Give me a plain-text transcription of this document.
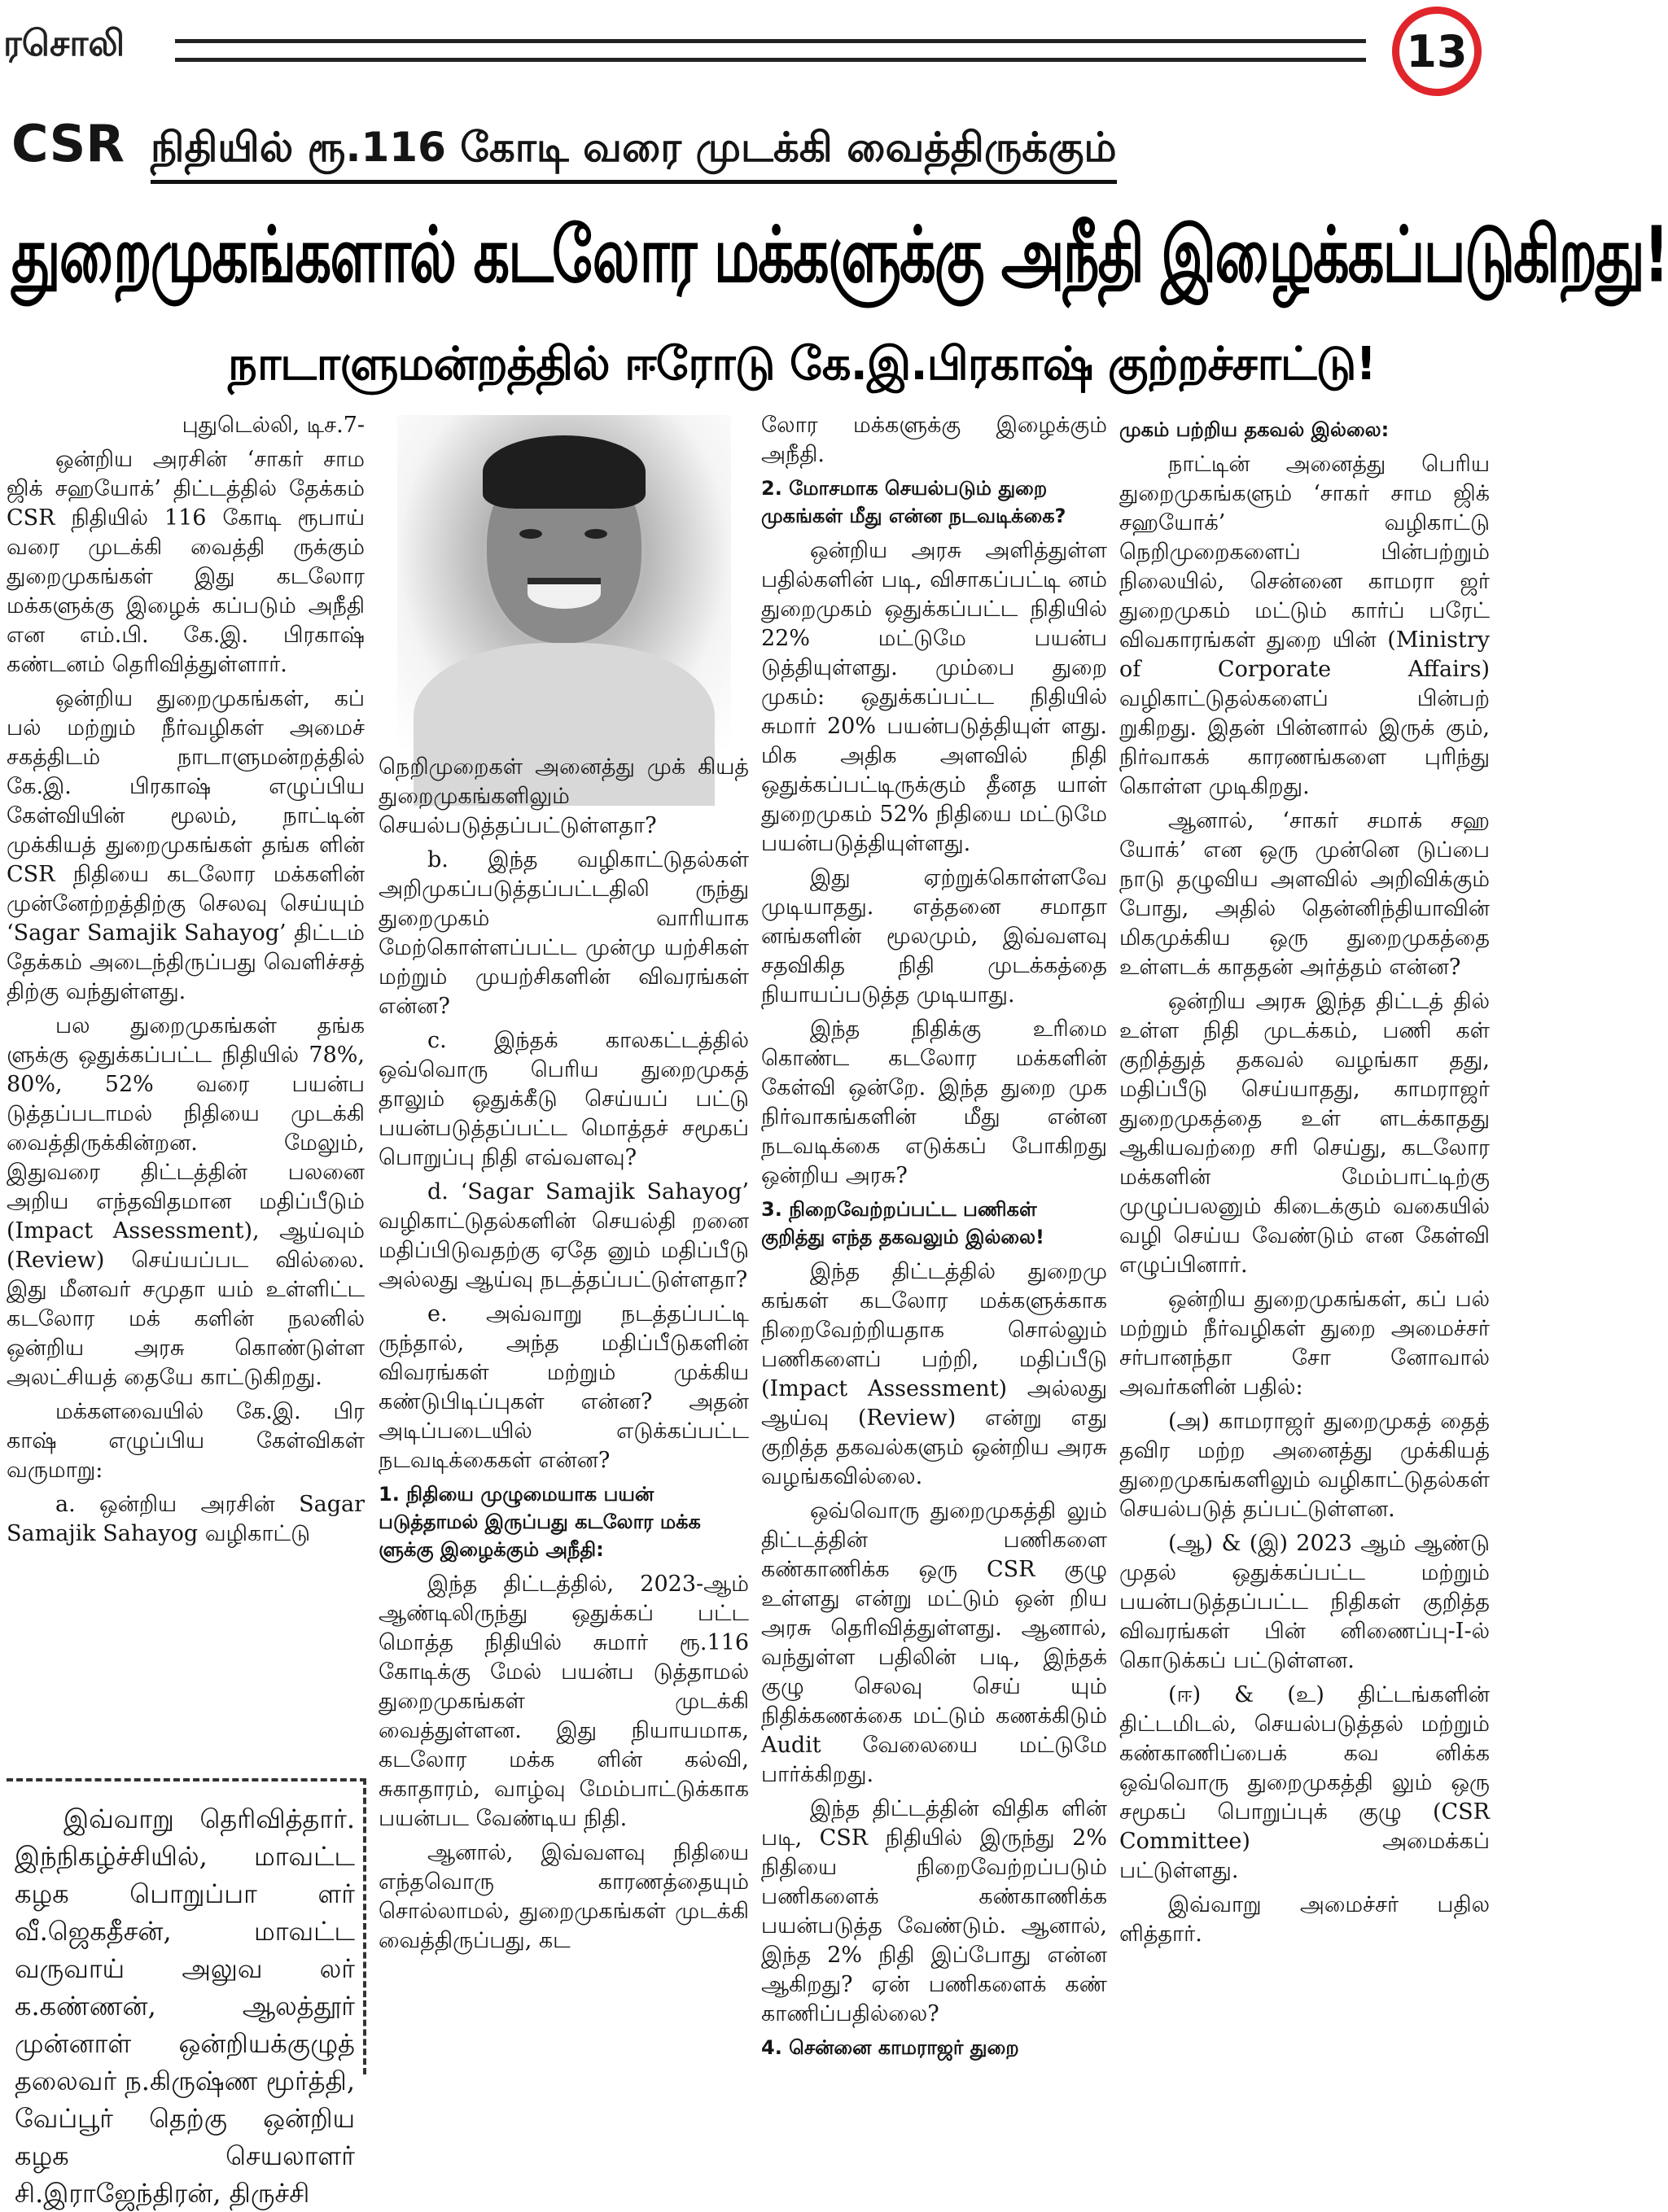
ரசொலி	13
CSR நிதியில் ரூ.116 கோடி வரை முடக்கி வைத்திருக்கும்
துறைமுகங்களால் கடலோர மக்களுக்கு அநீதி இழைக்கப்படுகிறது!
நாடாளுமன்றத்தில் ஈரோடு கே.இ.பிரகாஷ் குற்றச்சாட்டு!

புதுடெல்லி, டிச.7-

ஒன்றிய அரசின் ‘சாகர் சாம ஜிக் சஹயோக்’ திட்டத்தில் தேக்கம் CSR நிதியில் 116 கோடி ரூபாய் வரை முடக்கி வைத்தி ருக்கும் துறைமுகங்கள் இது கடலோர மக்களுக்கு இழைக் கப்படும் அநீதி என எம்.பி. கே.இ. பிரகாஷ் கண்டனம் தெரிவித்துள்ளார்.

ஒன்றிய துறைமுகங்கள், கப் பல் மற்றும் நீர்வழிகள் அமைச் சகத்திடம் நாடாளுமன்றத்தில் கே.இ. பிரகாஷ் எழுப்பிய கேள்வியின் மூலம், நாட்டின் முக்கியத் துறைமுகங்கள் தங்க ளின் CSR நிதியை கடலோர மக்களின் முன்னேற்றத்திற்கு செலவு செய்யும் ‘Sagar Samajik Sahayog’ திட்டம் தேக்கம் அடைந்திருப்பது வெளிச்சத் திற்கு வந்துள்ளது.

பல துறைமுகங்கள் தங்க ளுக்கு ஒதுக்கப்பட்ட நிதியில் 78%, 80%, 52% வரை பயன்ப டுத்தப்படாமல் நிதியை முடக்கி வைத்திருக்கின்றன. மேலும், இதுவரை திட்டத்தின் பலனை அறிய எந்தவிதமான மதிப்பீடும் (Impact Assessment), ஆய்வும் (Review) செய்யப்பட வில்லை. இது மீனவர் சமுதா யம் உள்ளிட்ட கடலோர மக் களின் நலனில் ஒன்றிய அரசு கொண்டுள்ள அலட்சியத் தையே காட்டுகிறது.

மக்களவையில் கே.இ. பிர காஷ் எழுப்பிய கேள்விகள் வருமாறு:

a. ஒன்றிய அரசின் Sagar Samajik Sahayog வழிகாட்டு

இவ்வாறு தெரிவித்தார். இந்நிகழ்ச்சியில், மாவட்ட கழக பொறுப்பா ளர் வீ.ஜெகதீசன், மாவட்ட வருவாய் அலுவ லர் க.கண்ணன், ஆலத்தூர் முன்னாள் ஒன்றியக்குழுத் தலைவர் ந.கிருஷ்ண மூர்த்தி, வேப்பூர் தெற்கு ஒன்றிய கழக செயலாளர் சி.இராஜேந்திரன், திருச்சி

நெறிமுறைகள் அனைத்து முக் கியத் துறைமுகங்களிலும் செயல்படுத்தப்பட்டுள்ளதா?

b. இந்த வழிகாட்டுதல்கள் அறிமுகப்படுத்தப்பட்டதிலி ருந்து துறைமுகம் வாரியாக மேற்கொள்ளப்பட்ட முன்மு யற்சிகள் மற்றும் முயற்சிகளின் விவரங்கள் என்ன?

c. இந்தக் காலகட்டத்தில் ஒவ்வொரு பெரிய துறைமுகத் தாலும் ஒதுக்கீடு செய்யப் பட்டு பயன்படுத்தப்பட்ட மொத்தச் சமூகப் பொறுப்பு நிதி எவ்வளவு?

d. ‘Sagar Samajik Sahayog’ வழிகாட்டுதல்களின் செயல்தி றனை மதிப்பிடுவதற்கு ஏதே னும் மதிப்பீடு அல்லது ஆய்வு நடத்தப்பட்டுள்ளதா?

e. அவ்வாறு நடத்தப்பட்டி ருந்தால், அந்த மதிப்பீடுகளின் விவரங்கள் மற்றும் முக்கிய கண்டுபிடிப்புகள் என்ன? அதன் அடிப்படையில் எடுக்கப்பட்ட நடவடிக்கைகள் என்ன?

1. நிதியை முழுமையாக பயன் படுத்தாமல் இருப்பது கடலோர மக்க ளுக்கு இழைக்கும் அநீதி:

இந்த திட்டத்தில், 2023-ஆம் ஆண்டிலிருந்து ஒதுக்கப் பட்ட மொத்த நிதியில் சுமார் ரூ.116 கோடிக்கு மேல் பயன்ப டுத்தாமல் துறைமுகங்கள் முடக்கி வைத்துள்ளன. இது நியாயமாக, கடலோர மக்க ளின் கல்வி, சுகாதாரம், வாழ்வு மேம்பாட்டுக்காக பயன்பட வேண்டிய நிதி.

ஆனால், இவ்வளவு நிதியை எந்தவொரு காரணத்தையும் சொல்லாமல், துறைமுகங்கள் முடக்கி வைத்திருப்பது, கட

லோர மக்களுக்கு இழைக்கும் அநீதி.

2. மோசமாக செயல்படும் துறை முகங்கள் மீது என்ன நடவடிக்கை?

ஒன்றிய அரசு அளித்துள்ள பதில்களின் படி, விசாகப்பட்டி னம் துறைமுகம் ஒதுக்கப்பட்ட நிதியில் 22% மட்டுமே பயன்ப டுத்தியுள்ளது. மும்பை துறை முகம்: ஒதுக்கப்பட்ட நிதியில் சுமார் 20% பயன்படுத்தியுள் ளது. மிக அதிக அளவில் நிதி ஒதுக்கப்பட்டிருக்கும் தீனத யாள் துறைமுகம் 52% நிதியை மட்டுமே பயன்படுத்தியுள்ளது.

இது ஏற்றுக்கொள்ளவே முடியாதது. எத்தனை சமாதா னங்களின் மூலமும், இவ்வளவு சதவிகித நிதி முடக்கத்தை நியாயப்படுத்த முடியாது.

இந்த நிதிக்கு உரிமை கொண்ட கடலோர மக்களின் கேள்வி ஒன்றே. இந்த துறை முக நிர்வாகங்களின் மீது என்ன நடவடிக்கை எடுக்கப் போகிறது ஒன்றிய அரசு?

3. நிறைவேற்றப்பட்ட பணிகள் குறித்து எந்த தகவலும் இல்லை!

இந்த திட்டத்தில் துறைமு கங்கள் கடலோர மக்களுக்காக நிறைவேற்றியதாக சொல்லும் பணிகளைப் பற்றி, மதிப்பீடு (Impact Assessment) அல்லது ஆய்வு (Review) என்று எது குறித்த தகவல்களும் ஒன்றிய அரசு வழங்கவில்லை.

ஒவ்வொரு துறைமுகத்தி லும் திட்டத்தின் பணிகளை கண்காணிக்க ஒரு CSR குழு உள்ளது என்று மட்டும் ஒன் றிய அரசு தெரிவித்துள்ளது. ஆனால், வந்துள்ள பதிலின் படி, இந்தக் குழு செலவு செய் யும் நிதிக்கணக்கை மட்டும் கணக்கிடும் Audit வேலையை மட்டுமே பார்க்கிறது.

இந்த திட்டத்தின் விதிக ளின் படி, CSR நிதியில் இருந்து 2% நிதியை நிறைவேற்றப்படும் பணிகளைக் கண்காணிக்க பயன்படுத்த வேண்டும். ஆனால், இந்த 2% நிதி இப்போது என்ன ஆகிறது? ஏன் பணிகளைக் கண் காணிப்பதில்லை?

4. சென்னை காமராஜர் துறை
முகம் பற்றிய தகவல் இல்லை:

நாட்டின் அனைத்து பெரிய துறைமுகங்களும் ‘சாகர் சாம ஜிக் சஹயோக்’ வழிகாட்டு நெறிமுறைகளைப் பின்பற்றும் நிலையில், சென்னை காமரா ஜர் துறைமுகம் மட்டும் கார்ப் பரேட் விவகாரங்கள் துறை யின் (Ministry of Corporate Affairs) வழிகாட்டுதல்களைப் பின்பற் றுகிறது. இதன் பின்னால் இருக் கும், நிர்வாகக் காரணங்களை புரிந்து கொள்ள முடிகிறது.

ஆனால், ‘சாகர் சமாக் சஹ யோக்’ என ஒரு முன்னெ டுப்பை நாடு தழுவிய அளவில் அறிவிக்கும் போது, அதில் தென்னிந்தியாவின் மிகமுக்கிய ஒரு துறைமுகத்தை உள்ளடக் காததன் அர்த்தம் என்ன?

ஒன்றிய அரசு இந்த திட்டத் தில் உள்ள நிதி முடக்கம், பணி கள் குறித்துத் தகவல் வழங்கா தது, மதிப்பீடு செய்யாதது, காமராஜர் துறைமுகத்தை உள் ளடக்காதது ஆகியவற்றை சரி செய்து, கடலோர மக்களின் மேம்பாட்டிற்கு முழுப்பலனும் கிடைக்கும் வகையில் வழி செய்ய வேண்டும் என கேள்வி எழுப்பினார்.

ஒன்றிய துறைமுகங்கள், கப் பல் மற்றும் நீர்வழிகள் துறை அமைச்சர் சர்பானந்தா சோ னோவால் அவர்களின் பதில்:

(அ) காமராஜர் துறைமுகத் தைத் தவிர மற்ற அனைத்து முக்கியத் துறைமுகங்களிலும் வழிகாட்டுதல்கள் செயல்படுத் தப்பட்டுள்ளன.

(ஆ) & (இ) 2023 ஆம் ஆண்டு முதல் ஒதுக்கப்பட்ட மற்றும் பயன்படுத்தப்பட்ட நிதிகள் குறித்த விவரங்கள் பின் னிணைப்பு-I-ல் கொடுக்கப் பட்டுள்ளன.

(ஈ) & (உ) திட்டங்களின் திட்டமிடல், செயல்படுத்தல் மற்றும் கண்காணிப்பைக் கவ னிக்க ஒவ்வொரு துறைமுகத்தி லும் ஒரு சமூகப் பொறுப்புக் குழு (CSR Committee) அமைக்கப் பட்டுள்ளது.

இவ்வாறு அமைச்சர் பதில ளித்தார்.
